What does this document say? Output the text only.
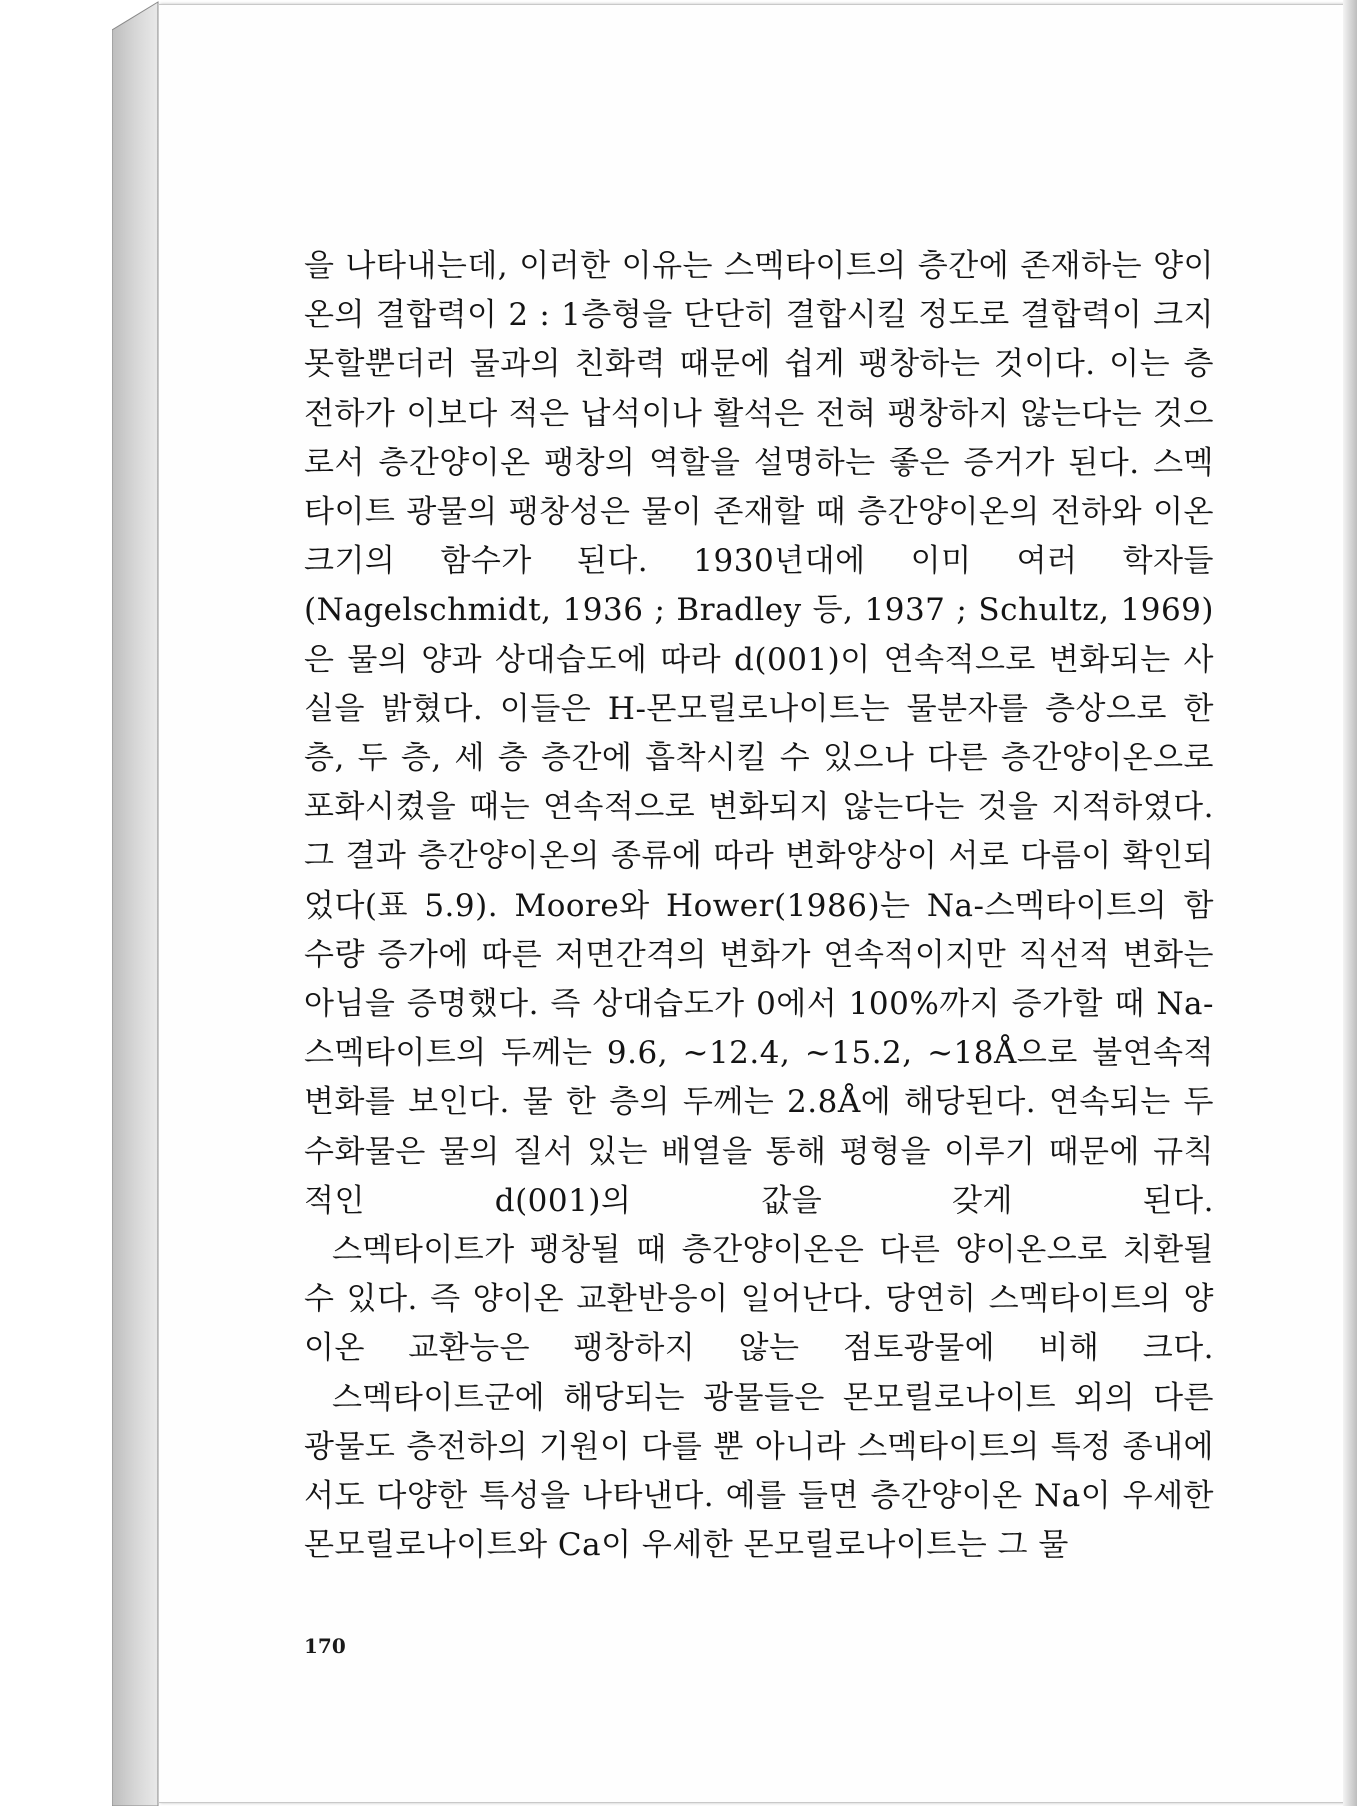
을 나타내는데, 이러한 이유는 스멕타이트의 층간에 존재하는 양이온의 결합력이 2 : 1층형을 단단히 결합시킬 정도로 결합력이 크지 못할뿐더러 물과의 친화력 때문에 쉽게 팽창하는 것이다. 이는 층전하가 이보다 적은 납석이나 활석은 전혀 팽창하지 않는다는 것으로서 층간양이온 팽창의 역할을 설명하는 좋은 증거가 된다. 스멕타이트 광물의 팽창성은 물이 존재할 때 층간양이온의 전하와 이온 크기의 함수가 된다. 1930년대에 이미 여러 학자들 (Nagelschmidt, 1936 ; Bradley 등, 1937 ; Schultz, 1969)은 물의 양과 상대습도에 따라 d(001)이 연속적으로 변화되는 사실을 밝혔다. 이들은 H-몬모릴로나이트는 물분자를 층상으로 한 층, 두 층, 세 층 층간에 흡착시킬 수 있으나 다른 층간양이온으로 포화시켰을 때는 연속적으로 변화되지 않는다는 것을 지적하였다. 그 결과 층간양이온의 종류에 따라 변화양상이 서로 다름이 확인되었다(표 5.9). Moore와 Hower(1986)는 Na-스멕타이트의 함수량 증가에 따른 저면간격의 변화가 연속적이지만 직선적 변화는 아님을 증명했다. 즉 상대습도가 0에서 100%까지 증가할 때 Na-스멕타이트의 두께는 9.6, ~12.4, ~15.2, ~18Å으로 불연속적 변화를 보인다. 물 한 층의 두께는 2.8Å에 해당된다. 연속되는 두 수화물은 물의 질서 있는 배열을 통해 평형을 이루기 때문에 규칙적인 d(001)의 값을 갖게 된다.
스멕타이트가 팽창될 때 층간양이온은 다른 양이온으로 치환될 수 있다. 즉 양이온 교환반응이 일어난다. 당연히 스멕타이트의 양이온 교환능은 팽창하지 않는 점토광물에 비해 크다.
스멕타이트군에 해당되는 광물들은 몬모릴로나이트 외의 다른 광물도 층전하의 기원이 다를 뿐 아니라 스멕타이트의 특정 종내에서도 다양한 특성을 나타낸다. 예를 들면 층간양이온 Na이 우세한 몬모릴로나이트와 Ca이 우세한 몬모릴로나이트는 그 물
170
